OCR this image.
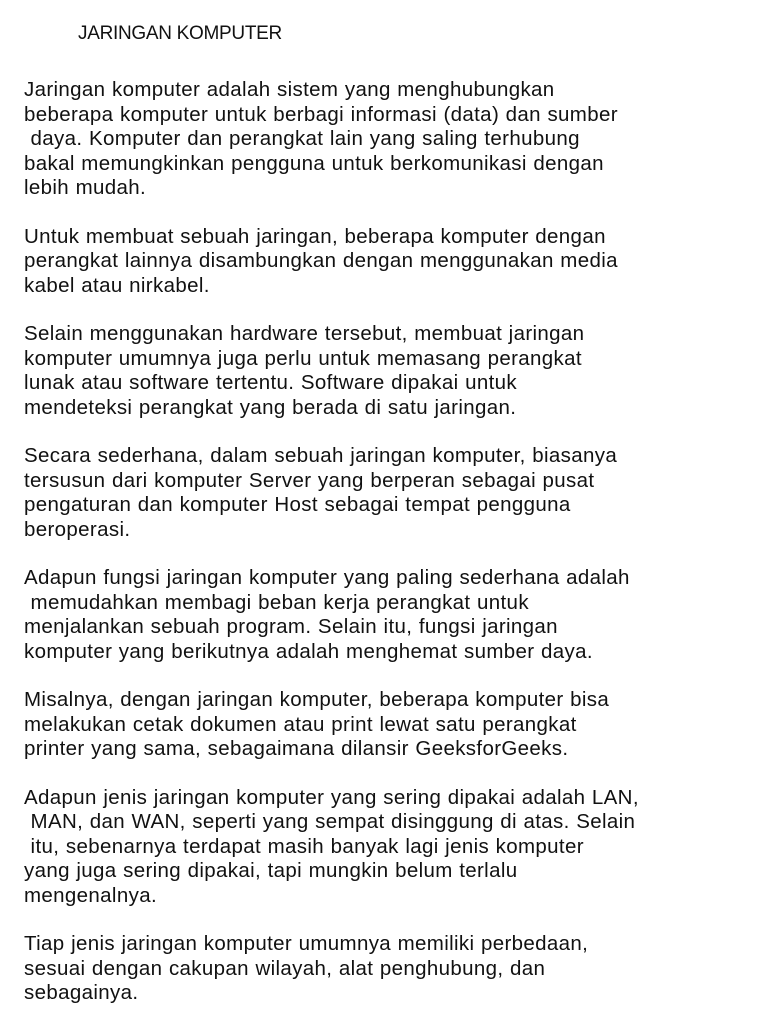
JARINGAN KOMPUTER

Jaringan komputer adalah sistem yang menghubungkan
beberapa komputer untuk berbagi informasi (data) dan sumber
daya. Komputer dan perangkat lain yang saling terhubung
bakal memungkinkan pengguna untuk berkomunikasi dengan
lebih mudah.

Untuk membuat sebuah jaringan, beberapa komputer dengan
perangkat lainnya disambungkan dengan menggunakan media
kabel atau nirkabel.

Selain menggunakan hardware tersebut, membuat jaringan
komputer umumnya juga perlu untuk memasang perangkat
lunak atau software tertentu. Software dipakai untuk
mendeteksi perangkat yang berada di satu jaringan.

Secara sederhana, dalam sebuah jaringan komputer, biasanya
tersusun dari komputer Server yang berperan sebagai pusat
pengaturan dan komputer Host sebagai tempat pengguna
beroperasi.

Adapun fungsi jaringan komputer yang paling sederhana adalah
memudahkan membagi beban kerja perangkat untuk
menjalankan sebuah program. Selain itu, fungsi jaringan
komputer yang berikutnya adalah menghemat sumber daya.

Misalnya, dengan jaringan komputer, beberapa komputer bisa
melakukan cetak dokumen atau print lewat satu perangkat
printer yang sama, sebagaimana dilansir GeeksforGeeks.

Adapun jenis jaringan komputer yang sering dipakai adalah LAN,
MAN, dan WAN, seperti yang sempat disinggung di atas. Selain
itu, sebenarnya terdapat masih banyak lagi jenis komputer
yang juga sering dipakai, tapi mungkin belum terlalu
mengenalnya.

Tiap jenis jaringan komputer umumnya memiliki perbedaan,
sesuai dengan cakupan wilayah, alat penghubung, dan
sebagainya.
